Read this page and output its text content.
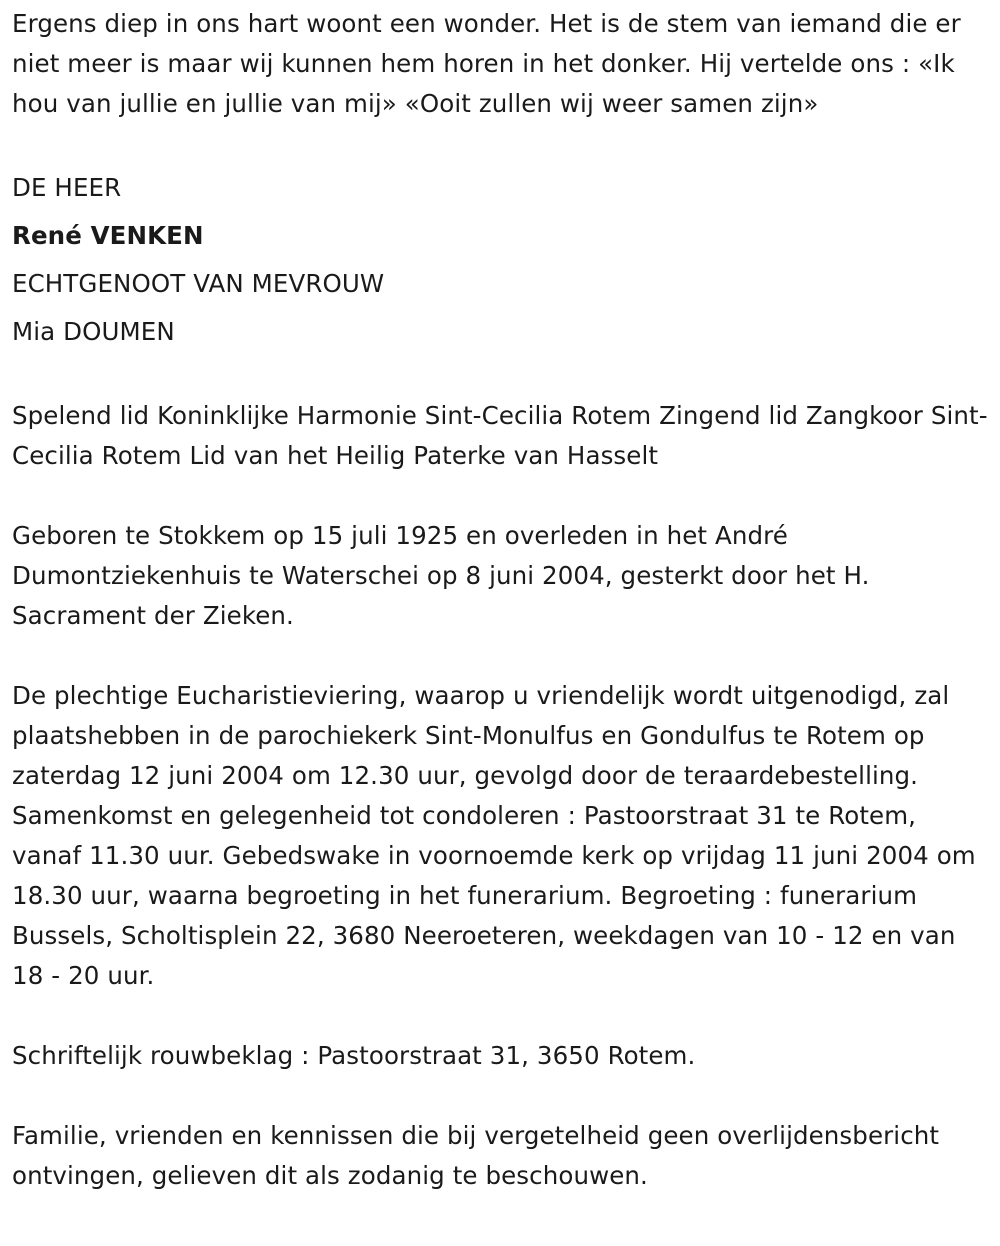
Ergens diep in ons hart woont een wonder. Het is de stem van iemand die er niet meer is maar wij kunnen hem horen in het donker. Hij vertelde ons : «Ik hou van jullie en jullie van mij» «Ooit zullen wij weer samen zijn»

DE HEER

René VENKEN

ECHTGENOOT VAN MEVROUW

Mia DOUMEN

Spelend lid Koninklijke Harmonie Sint-Cecilia Rotem Zingend lid Zangkoor Sint-Cecilia Rotem Lid van het Heilig Paterke van Hasselt

Geboren te Stokkem op 15 juli 1925 en overleden in het André Dumontziekenhuis te Waterschei op 8 juni 2004, gesterkt door het H. Sacrament der Zieken.

De plechtige Eucharistieviering, waarop u vriendelijk wordt uitgenodigd, zal plaatshebben in de parochiekerk Sint-Monulfus en Gondulfus te Rotem op zaterdag 12 juni 2004 om 12.30 uur, gevolgd door de teraardebestelling. Samenkomst en gelegenheid tot condoleren : Pastoorstraat 31 te Rotem, vanaf 11.30 uur. Gebedswake in voornoemde kerk op vrijdag 11 juni 2004 om 18.30 uur, waarna begroeting in het funerarium. Begroeting : funerarium Bussels, Scholtisplein 22, 3680 Neeroeteren, weekdagen van 10 - 12 en van 18 - 20 uur.

Schriftelijk rouwbeklag : Pastoorstraat 31, 3650 Rotem.

Familie, vrienden en kennissen die bij vergetelheid geen overlijdensbericht ontvingen, gelieven dit als zodanig te beschouwen.
